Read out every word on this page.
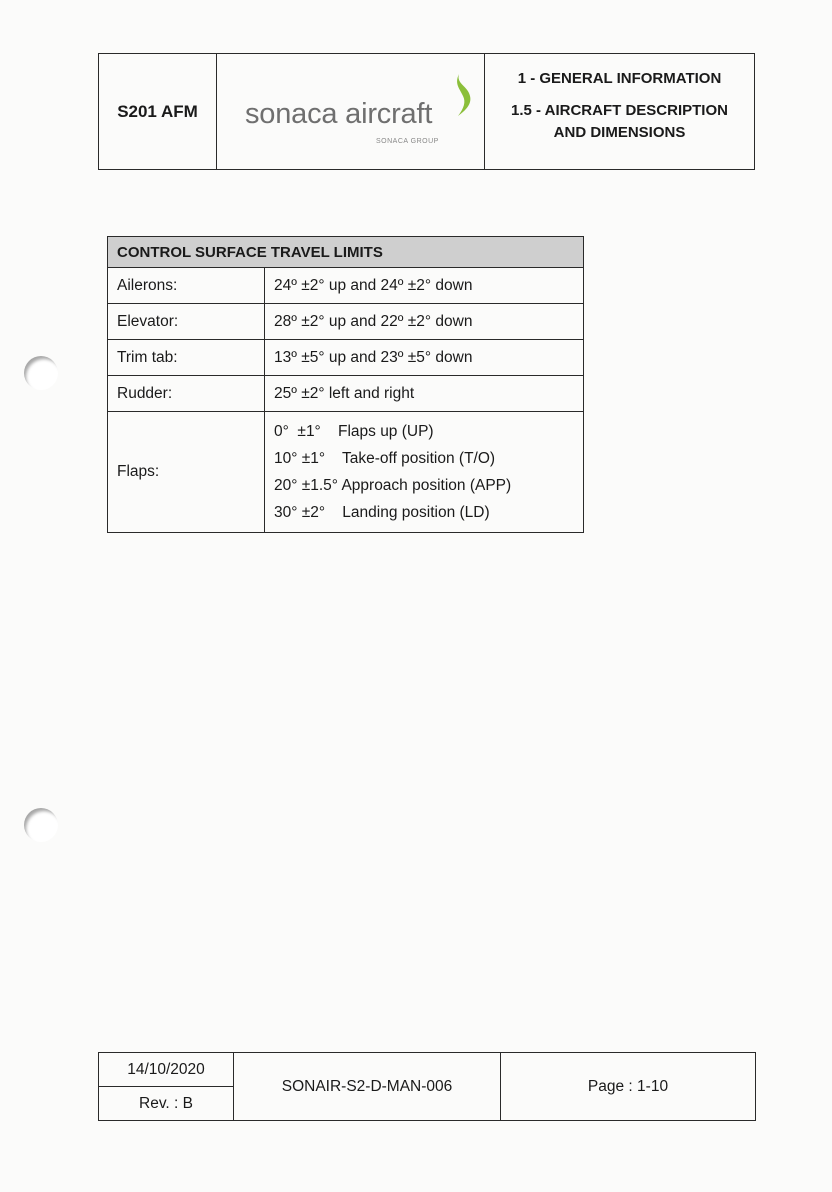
S201 AFM	sonaca aircraft
SONACA GROUP
1 - GENERAL INFORMATION
1.5 - AIRCRAFT DESCRIPTION
AND DIMENSIONS
CONTROL SURFACE TRAVEL LIMITS	
Ailerons:	24º ±2° up and 24º ±2° down
Elevator:	28º ±2° up and 22º ±2° down
Trim tab:	13º ±5° up and 23º ±5° down
Rudder:	25º ±2° left and right
Flaps:	0°  ±1°    Flaps up (UP)
10° ±1°    Take-off position (T/O)
20° ±1.5° Approach position (APP)
30° ±2°    Landing position (LD)
14/10/2020
Rev. : B
SONAIR-S2-D-MAN-006	Page : 1-10
